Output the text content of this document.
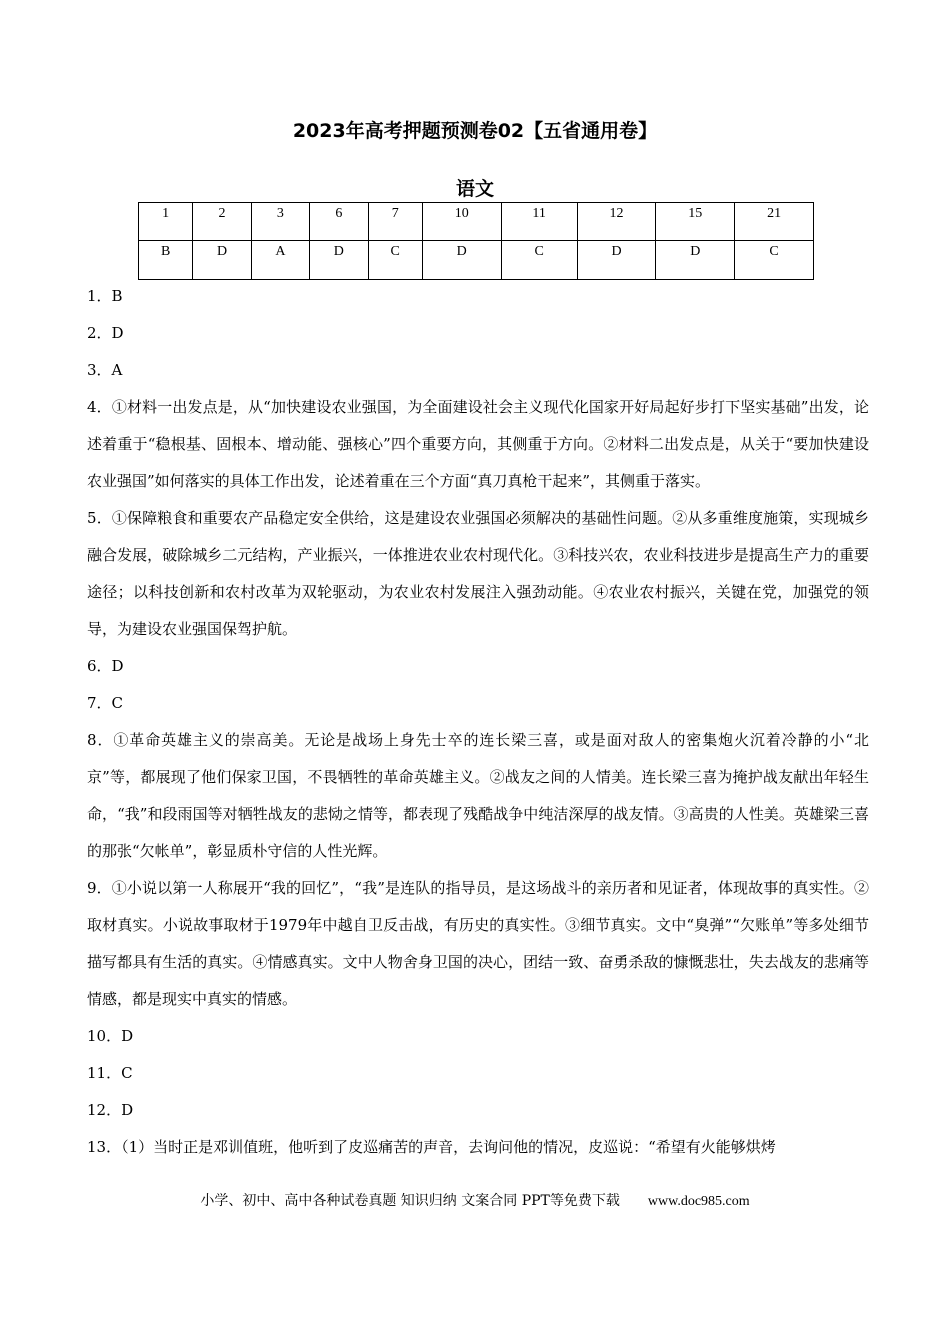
2023年高考押题预测卷02【五省通用卷】
语文
1	2	3	6	7	10	11	12	15	21
B	D	A	D	C	D	C	D	D	C

1．B

2．D

3．A

4．①材料一出发点是，从“加快建设农业强国，为全面建设社会主义现代化国家开好局起好步打下坚实基础”出发，论述着重于“稳根基、固根本、增动能、强核心”四个重要方向，其侧重于方向。②材料二出发点是，从关于“要加快建设农业强国”如何落实的具体工作出发，论述着重在三个方面“真刀真枪干起来”，其侧重于落实。

5．①保障粮食和重要农产品稳定安全供给，这是建设农业强国必须解决的基础性问题。②从多重维度施策，实现城乡融合发展，破除城乡二元结构，产业振兴，一体推进农业农村现代化。③科技兴农，农业科技进步是提高生产力的重要途径；以科技创新和农村改革为双轮驱动，为农业农村发展注入强劲动能。④农业农村振兴，关键在党，加强党的领导，为建设农业强国保驾护航。

6．D

7．C

8．①革命英雄主义的崇高美。无论是战场上身先士卒的连长梁三喜，或是面对敌人的密集炮火沉着冷静的小“北京”等，都展现了他们保家卫国，不畏牺牲的革命英雄主义。②战友之间的人情美。连长梁三喜为掩护战友献出年轻生命，“我”和段雨国等对牺牲战友的悲恸之情等，都表现了残酷战争中纯洁深厚的战友情。③高贵的人性美。英雄梁三喜的那张“欠帐单”，彰显质朴守信的人性光辉。

9．①小说以第一人称展开“我的回忆”，“我”是连队的指导员，是这场战斗的亲历者和见证者，体现故事的真实性。②取材真实。小说故事取材于1979年中越自卫反击战，有历史的真实性。③细节真实。文中“臭弹”“欠账单”等多处细节描写都具有生活的真实。④情感真实。文中人物舍身卫国的决心，团结一致、奋勇杀敌的慷慨悲壮，失去战友的悲痛等情感，都是现实中真实的情感。

10．D

11．C

12．D

13．（1）当时正是邓训值班，他听到了皮巡痛苦的声音，去询问他的情况，皮巡说：“希望有火能够烘烤

小学、初中、高中各种试卷真题 知识归纳 文案合同 PPT等免费下载 www.doc985.com
